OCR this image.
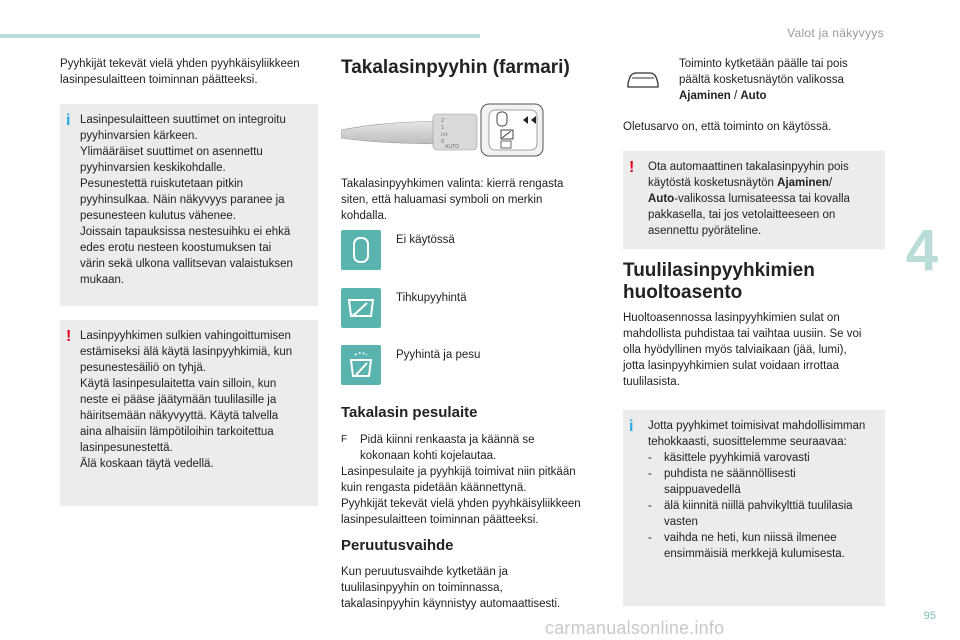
Valot ja näkyvyys
4
95
carmanualsonline.info

Pyyhkijät tekevät vielä yhden pyyhkäisyliikkeen

lasinpesulaitteen toiminnan päätteeksi.

i Lasinpesulaitteen suuttimet on integroitu

pyyhinvarsien kärkeen.

Ylimääräiset suuttimet on asennettu

pyyhinvarsien keskikohdalle.

Pesunestettä ruiskutetaan pitkin

pyyhinsulkaa. Näin näkyvyys paranee ja

pesunesteen kulutus vähenee.

Joissain tapauksissa nestesuihku ei ehkä

edes erotu nesteen koostumuksen tai

värin sekä ulkona vallitsevan valaistuksen

mukaan.

! Lasinpyyhkimen sulkien vahingoittumisen

estämiseksi älä käytä lasinpyyhkimiä, kun

pesunestesäiliö on tyhjä.

Käytä lasinpesulaitetta vain silloin, kun

neste ei pääse jäätymään tuulilasille ja

häiritsemään näkyvyyttä. Käytä talvella

aina alhaisiin lämpötiloihin tarkoitettua

lasinpesunestettä.

Älä koskaan täytä vedellä.

Takalasinpyyhin (farmari)
2
1
Int
0
AUTO

Takalasinpyyhkimen valinta: kierrä rengasta

siten, että haluamasi symboli on merkin

kohdalla.

Ei käytössä
Tihkupyyhintä
Pyyhintä ja pesu
Takalasin pesulaite
F Pidä kiinni renkaasta ja käännä se

kokonaan kohti kojelautaa.

Lasinpesulaite ja pyyhkijä toimivat niin pitkään

kuin rengasta pidetään käännettynä.

Pyyhkijät tekevät vielä yhden pyyhkäisyliikkeen

lasinpesulaitteen toiminnan päätteeksi.

Peruutusvaihde

Kun peruutusvaihde kytketään ja

tuulilasinpyyhin on toiminnassa,

takalasinpyyhin käynnistyy automaattisesti.

Toiminto kytketään päälle tai pois

päältä kosketusnäytön valikossa

Ajaminen / Auto

Oletusarvo on, että toiminto on käytössä.
! Ota automaattinen takalasinpyyhin pois

käytöstä kosketusnäytön Ajaminen/

Auto-valikossa lumisateessa tai kovalla

pakkasella, tai jos vetolaitteeseen on

asennettu pyöräteline.

Tuulilasinpyyhkimien
huoltoasento

Huoltoasennossa lasinpyyhkimien sulat on

mahdollista puhdistaa tai vaihtaa uusiin. Se voi

olla hyödyllinen myös talviaikaan (jää, lumi),

jotta lasinpyyhkimien sulat voidaan irrottaa

tuulilasista.

i Jotta pyyhkimet toimisivat mahdollisimman

tehokkaasti, suosittelemme seuraavaa:

- käsittele pyyhkimiä varovasti
- puhdista ne säännöllisesti
saippuavedellä
- älä kiinnitä niillä pahvikylttiä tuulilasia
vasten
- vaihda ne heti, kun niissä ilmenee
ensimmäisiä merkkejä kulumisesta.
